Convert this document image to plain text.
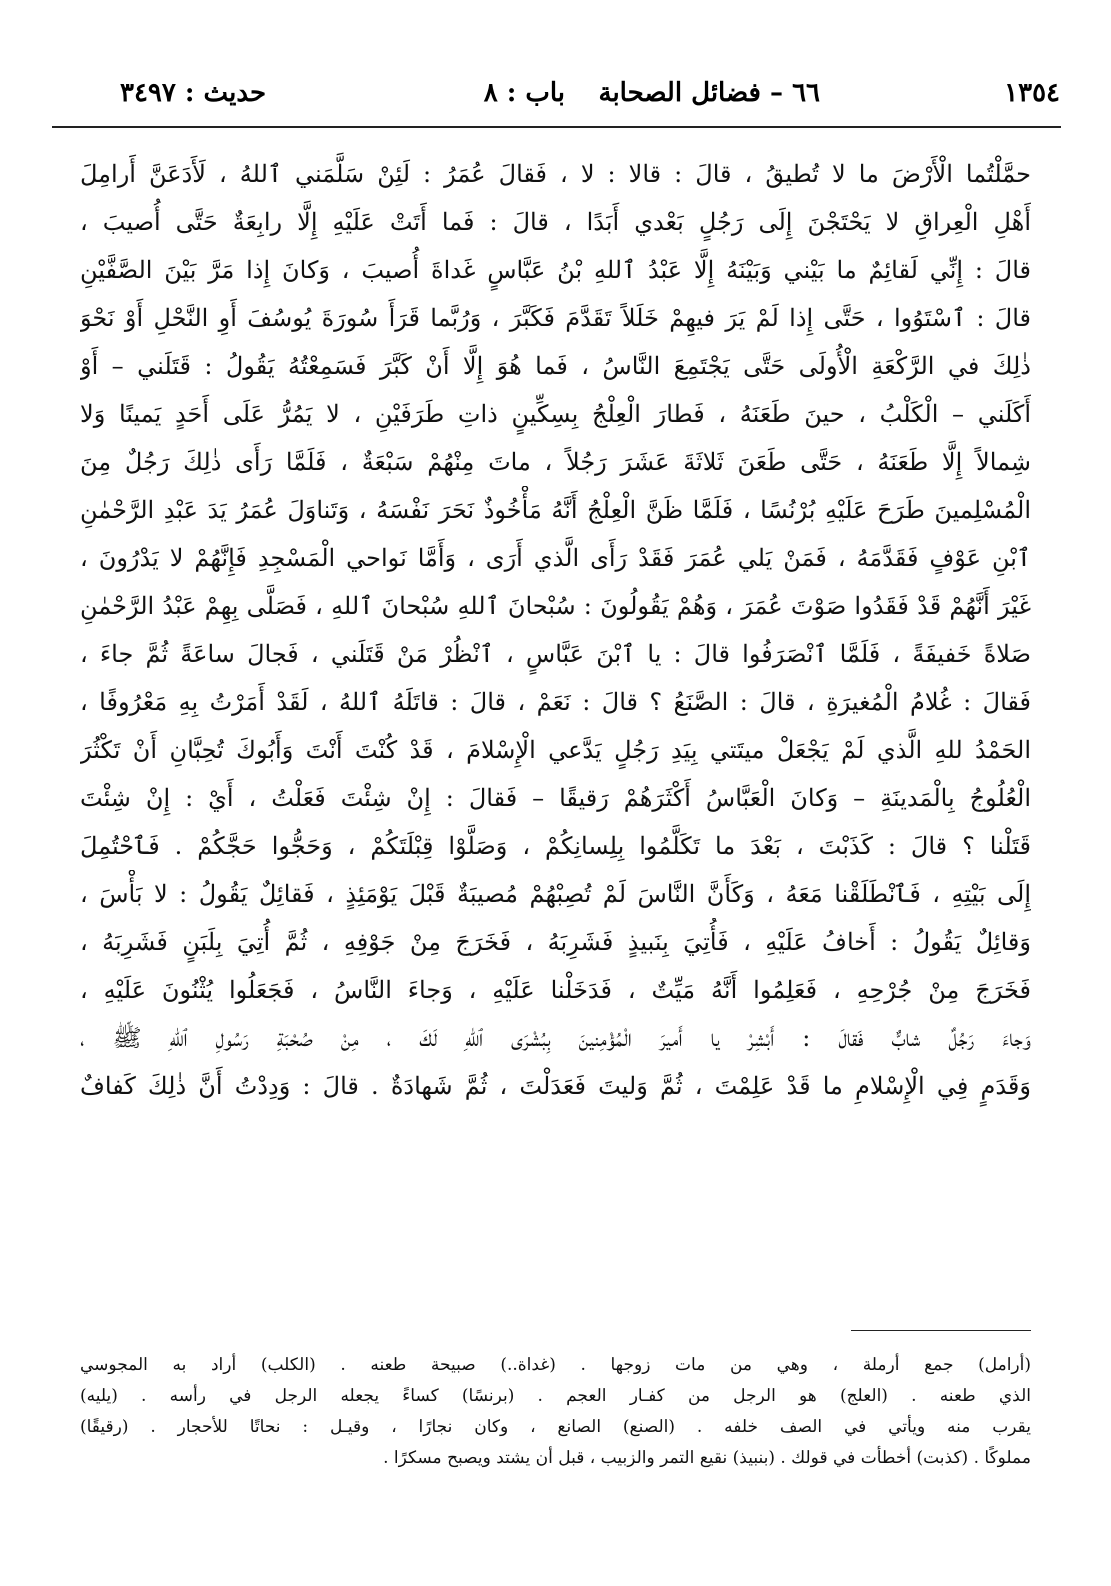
١٣٥٤
٦٦ – فضائل الصحابة
باب : ٨
حديث : ٣٤٩٧
حمَّلْتُما الْأَرْضَ ما لا تُطيقُ ، قالَ : قالا : لا ، فَقالَ عُمَرُ : لَئِنْ سَلَّمَني ٱللهُ ، لَأَدَعَنَّ أَرامِلَ
أَهْلِ الْعِراقِ لا يَحْتَجْنَ إِلَى رَجُلٍ بَعْدي أَبَدًا ، قالَ : فَما أَتَتْ عَلَيْهِ إِلَّا رابِعَةٌ حَتَّى أُصيبَ ،
قالَ : إِنِّي لَقائِمٌ ما بَيْني وَبَيْنَهُ إِلَّا عَبْدُ ٱللهِ بْنُ عَبَّاسٍ غَداةَ أُصيبَ ، وَكانَ إِذا مَرَّ بَيْنَ الصَّفَّيْنِ
قالَ : ٱسْتَوُوا ، حَتَّى إِذا لَمْ يَرَ فيهِمْ خَلَلاً تَقَدَّمَ فَكَبَّرَ ، وَرُبَّما قَرَأَ سُورَةَ يُوسُفَ أَوِ النَّحْلِ أَوْ نَحْوَ
ذٰلِكَ في الرَّكْعَةِ الْأُولَى حَتَّى يَجْتَمِعَ النَّاسُ ، فَما هُوَ إِلَّا أَنْ كَبَّرَ فَسَمِعْتُهُ يَقُولُ : قَتَلَني – أَوْ
أَكَلَني – الْكَلْبُ ، حينَ طَعَنَهُ ، فَطارَ الْعِلْجُ بِسِكِّينٍ ذاتِ طَرَفَيْنِ ، لا يَمُرُّ عَلَى أَحَدٍ يَمينًا وَلا
شِمالاً إِلَّا طَعَنَهُ ، حَتَّى طَعَنَ ثَلاثَةَ عَشَرَ رَجُلاً ، ماتَ مِنْهُمْ سَبْعَةٌ ، فَلَمَّا رَأَى ذٰلِكَ رَجُلٌ مِنَ
الْمُسْلِمينَ طَرَحَ عَلَيْهِ بُرْنُسًا ، فَلَمَّا ظَنَّ الْعِلْجُ أَنَّهُ مَأْخُوذٌ نَحَرَ نَفْسَهُ ، وَتَناوَلَ عُمَرُ يَدَ عَبْدِ الرَّحْمٰنِ
ٱبْنِ عَوْفٍ فَقَدَّمَهُ ، فَمَنْ يَلي عُمَرَ فَقَدْ رَأَى الَّذي أَرَى ، وَأَمَّا نَواحي الْمَسْجِدِ فَإِنَّهُمْ لا يَدْرُونَ ،
غَيْرَ أَنَّهُمْ قَدْ فَقَدُوا صَوْتَ عُمَرَ ، وَهُمْ يَقُولُونَ : سُبْحانَ ٱللهِ سُبْحانَ ٱللهِ ، فَصَلَّى بِهِمْ عَبْدُ الرَّحْمٰنِ
صَلاةً خَفيفَةً ، فَلَمَّا ٱنْصَرَفُوا قالَ : يا ٱبْنَ عَبَّاسٍ ، ٱنْظُرْ مَنْ قَتَلَني ، فَجالَ ساعَةً ثُمَّ جاءَ ،
فَقالَ : غُلامُ الْمُغيرَةِ ، قالَ : الصَّنَعُ ؟ قالَ : نَعَمْ ، قالَ : قاتَلَهُ ٱللهُ ، لَقَدْ أَمَرْتُ بِهِ مَعْرُوفًا ،
الحَمْدُ للهِ الَّذي لَمْ يَجْعَلْ ميتَتي بِيَدِ رَجُلٍ يَدَّعي الْإِسْلامَ ، قَدْ كُنْتَ أَنْتَ وَأَبُوكَ تُحِبَّانِ أَنْ تَكْثُرَ
الْعُلُوجُ بِالْمَدينَةِ – وَكانَ الْعَبَّاسُ أَكْثَرَهُمْ رَقيقًا – فَقالَ : إِنْ شِئْتَ فَعَلْتُ ، أَيْ : إِنْ شِئْتَ
قَتَلْنا ؟ قالَ : كَذَبْتَ ، بَعْدَ ما تَكَلَّمُوا بِلِسانِكُمْ ، وَصَلَّوْا قِبْلَتَكُمْ ، وَحَجُّوا حَجَّكُمْ . فَٱحْتُمِلَ
إِلَى بَيْتِهِ ، فَٱنْطَلَقْنا مَعَهُ ، وَكَأَنَّ النَّاسَ لَمْ تُصِبْهُمْ مُصيبَةٌ قَبْلَ يَوْمَئِذٍ ، فَقائِلٌ يَقُولُ : لا بَأْسَ ،
وَقائِلٌ يَقُولُ : أَخافُ عَلَيْهِ ، فَأُتِيَ بِنَبيذٍ فَشَرِبَهُ ، فَخَرَجَ مِنْ جَوْفِهِ ، ثُمَّ أُتِيَ بِلَبَنٍ فَشَرِبَهُ ،
فَخَرَجَ مِنْ جُرْحِهِ ، فَعَلِمُوا أَنَّهُ مَيِّتٌ ، فَدَخَلْنا عَلَيْهِ ، وَجاءَ النَّاسُ ، فَجَعَلُوا يُثْنُونَ عَلَيْهِ ،
وَجاءَ رَجُلٌ شابٌّ فَقالَ : أَبْشِرْ يا أَميرَ الْمُؤْمِنينَ بِبُشْرَى ٱللهِ لَكَ ، مِنْ صُحْبَةِ رَسُولِ ٱللهِ ﷺ ،
وَقَدَمٍ فِي الْإِسْلامِ ما قَدْ عَلِمْتَ ، ثُمَّ وَليتَ فَعَدَلْتَ ، ثُمَّ شَهادَةٌ . قالَ : وَدِدْتُ أَنَّ ذٰلِكَ كَفافٌ
(أرامل) جمع أرملة ، وهي من مات زوجها . (غداة..) صبيحة طعنه . (الكلب) أراد به المجوسي
الذي طعنه . (العلج) هو الرجل من كفـار العجم . (برنسًا) كساءً يجعله الرجل في رأسه . (يليه)
يقرب منه ويأتي في الصف خلفه . (الصنع) الصانع ، وكان نجارًا ، وقيـل : نحاتًا للأحجار . (رقيقًا)
مملوكًا . (كذبت) أخطأت في قولك . (بنبيذ) نقيع التمر والزبيب ، قبل أن يشتد ويصبح مسكرًا .
